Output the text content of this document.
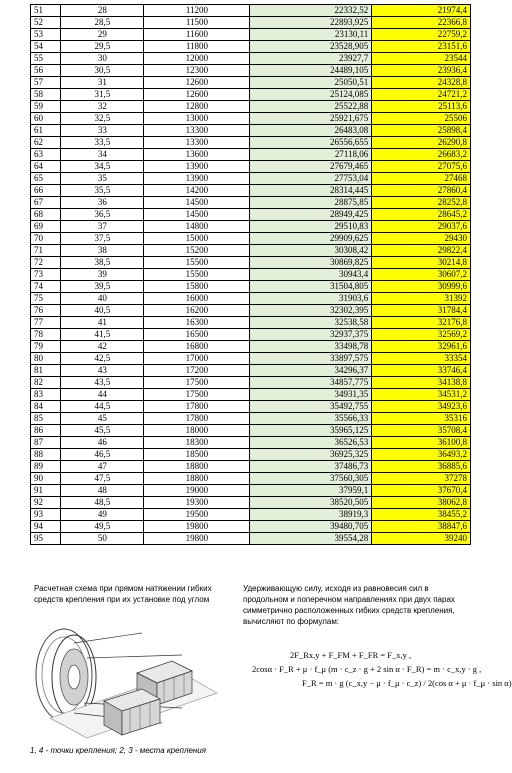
51	28	11200	22332,52	21974,4
52	28,5	11500	22893,925	22366,8
53	29	11600	23130,11	22759,2
54	29,5	11800	23528,905	23151,6
55	30	12000	23927,7	23544
56	30,5	12300	24489,105	23936,4
57	31	12600	25050,51	24328,8
58	31,5	12600	25124,085	24721,2
59	32	12800	25522,88	25113,6
60	32,5	13000	25921,675	25506
61	33	13300	26483,08	25898,4
62	33,5	13300	26556,655	26290,8
63	34	13600	27118,06	26683,2
64	34,5	13900	27679,465	27075,6
65	35	13900	27753,04	27468
66	35,5	14200	28314,445	27860,4
67	36	14500	28875,85	28252,8
68	36,5	14500	28949,425	28645,2
69	37	14800	29510,83	29037,6
70	37,5	15000	29909,625	29430
71	38	15200	30308,42	29822,4
72	38,5	15500	30869,825	30214,8
73	39	15500	30943,4	30607,2
74	39,5	15800	31504,805	30999,6
75	40	16000	31903,6	31392
76	40,5	16200	32302,395	31784,4
77	41	16300	32538,58	32176,8
78	41,5	16500	32937,375	32569,2
79	42	16800	33498,78	32961,6
80	42,5	17000	33897,575	33354
81	43	17200	34296,37	33746,4
82	43,5	17500	34857,775	34138,8
83	44	17500	34931,35	34531,2
84	44,5	17800	35492,755	34923,6
85	45	17800	35566,33	35316
86	45,5	18000	35965,125	35708,4
87	46	18300	36526,53	36100,8
88	46,5	18500	36925,325	36493,2
89	47	18800	37486,73	36885,6
90	47,5	18800	37560,305	37278
91	48	19000	37959,1	37670,4
92	48,5	19300	38520,505	38062,8
93	49	19500	38919,3	38455,2
94	49,5	19800	39480,705	38847,6
95	50	19800	39554,28	39240
Расчетная схема при прямом натяжении гибких средств крепления при их установке под углом
Удерживающую силу, исходя из равновесия сил в продольном и поперечном направлениях при двух парах симметрично расположенных гибких средств крепления, вычисляют по формулам:
1, 4 - точки крепления; 2, 3 - места крепления
2F_Rx,y + F_FM + F_FR = F_x,y ,
2cosα · F_R + μ · f_μ (m · c_z · g + 2 sin α · F_R) = m · c_x,y · g ,
F_R = m · g (c_x,y − μ · f_μ · c_z) / 2(cos α + μ · f_μ · sin α)
